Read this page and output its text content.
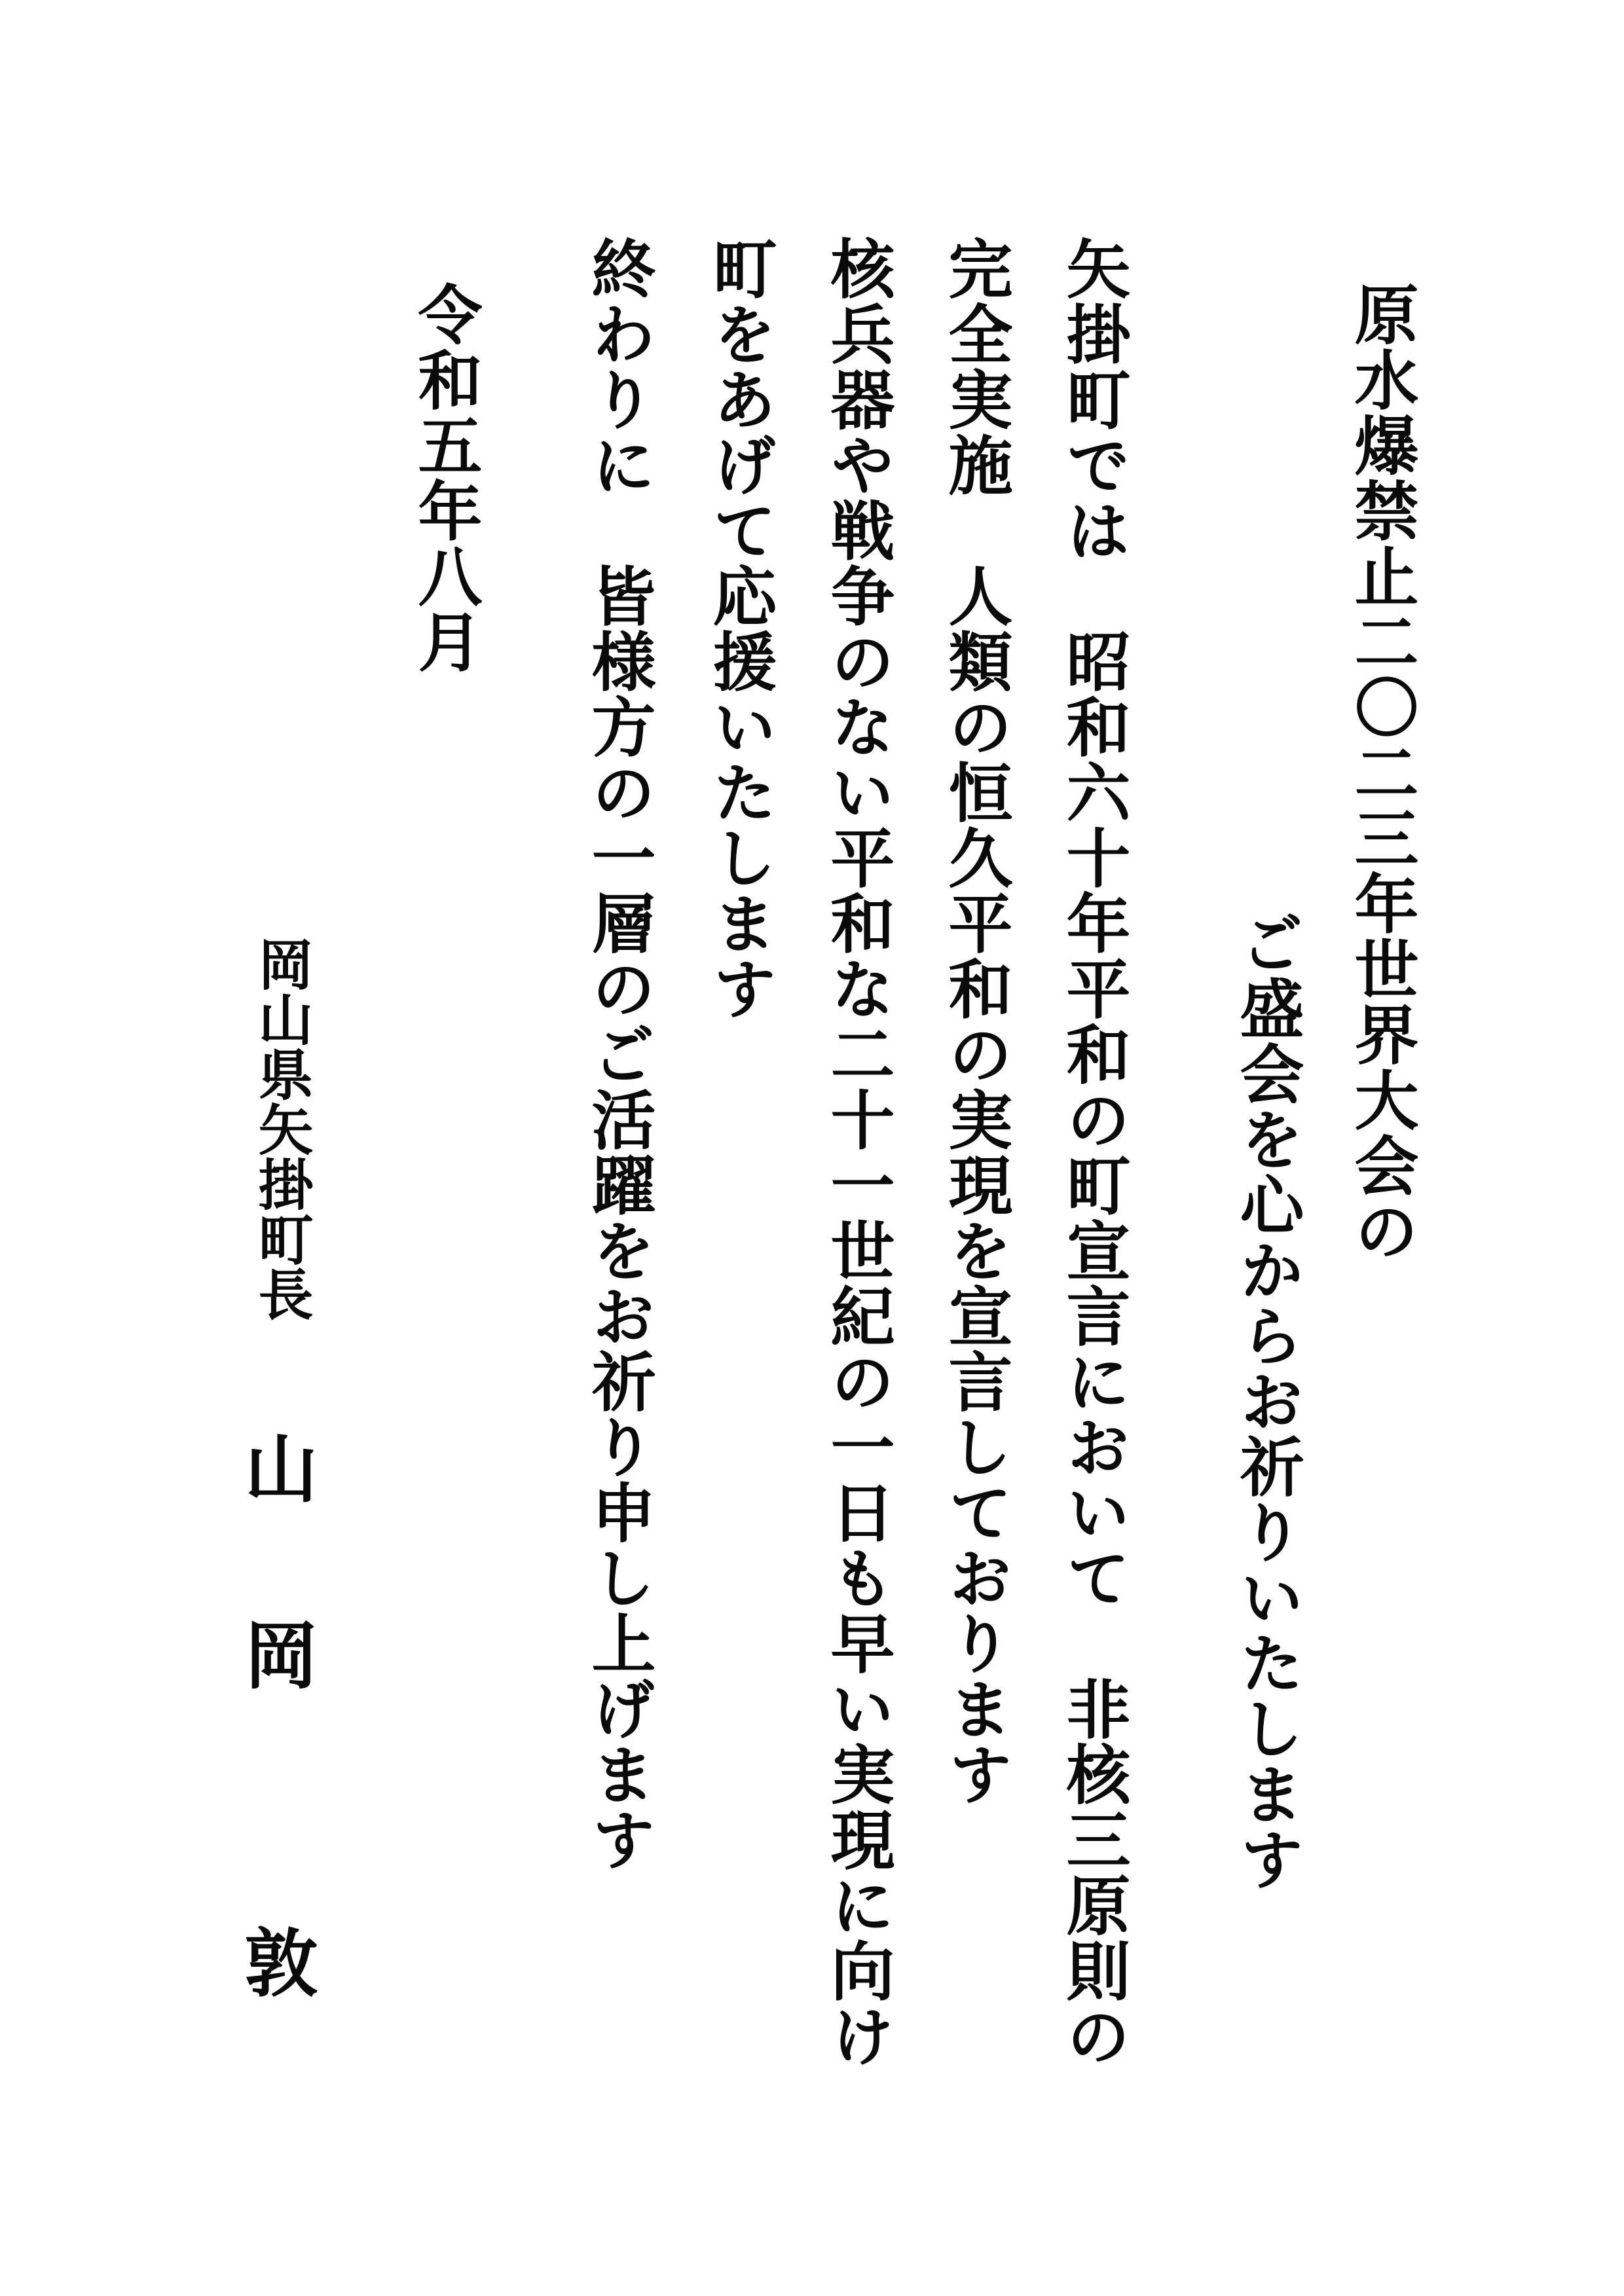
原水爆禁止二〇二三年世界大会の
ご盛会を心からお祈りいたします
矢掛町では　昭和六十年平和の町宣言において　非核三原則の
完全実施　人類の恒久平和の実現を宣言しております
核兵器や戦争のない平和な二十一世紀の一日も早い実現に向け
町をあげて応援いたします
終わりに　皆様方の一層のご活躍をお祈り申し上げます
令和五年八月
岡山県矢掛町長
山
岡
敦
